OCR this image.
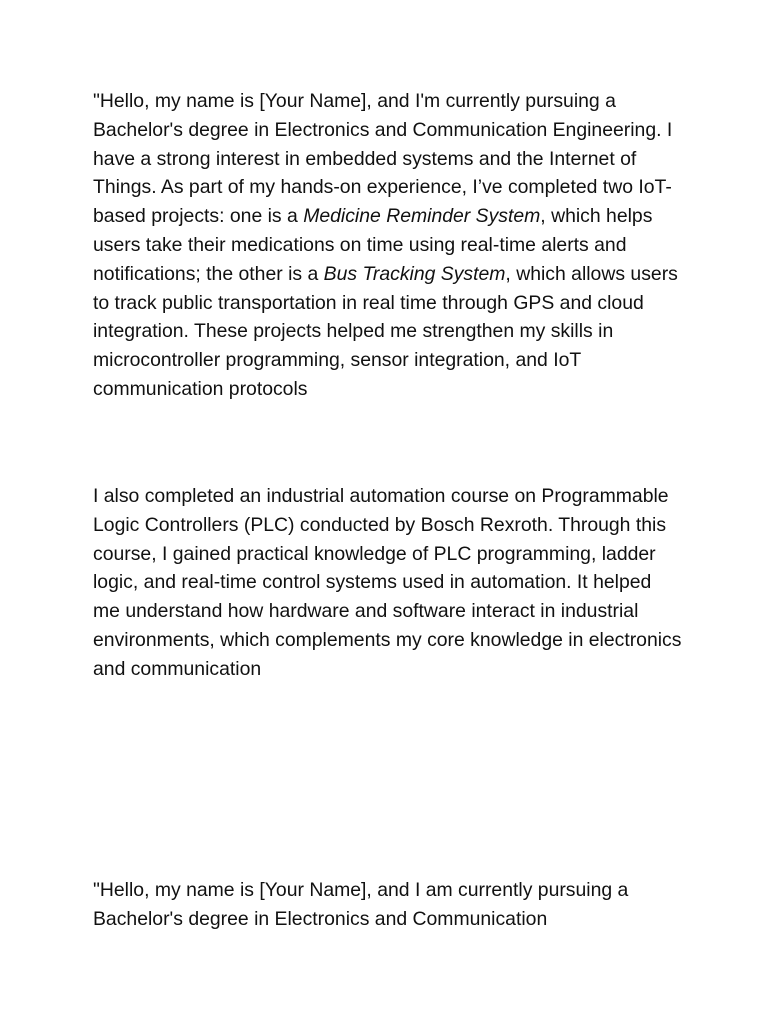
"Hello, my name is [Your Name], and I'm currently pursuing a Bachelor's degree in Electronics and Communication Engineering. I have a strong interest in embedded systems and the Internet of Things. As part of my hands-on experience, I’ve completed two IoT-based projects: one is a Medicine Reminder System, which helps users take their medications on time using real-time alerts and notifications; the other is a Bus Tracking System, which allows users to track public transportation in real time through GPS and cloud integration. These projects helped me strengthen my skills in microcontroller programming, sensor integration, and IoT communication protocols

I also completed an industrial automation course on Programmable Logic Controllers (PLC) conducted by Bosch Rexroth. Through this course, I gained practical knowledge of PLC programming, ladder logic, and real-time control systems used in automation. It helped me understand how hardware and software interact in industrial environments, which complements my core knowledge in electronics and communication

"Hello, my name is [Your Name], and I am currently pursuing a Bachelor's degree in Electronics and Communication
